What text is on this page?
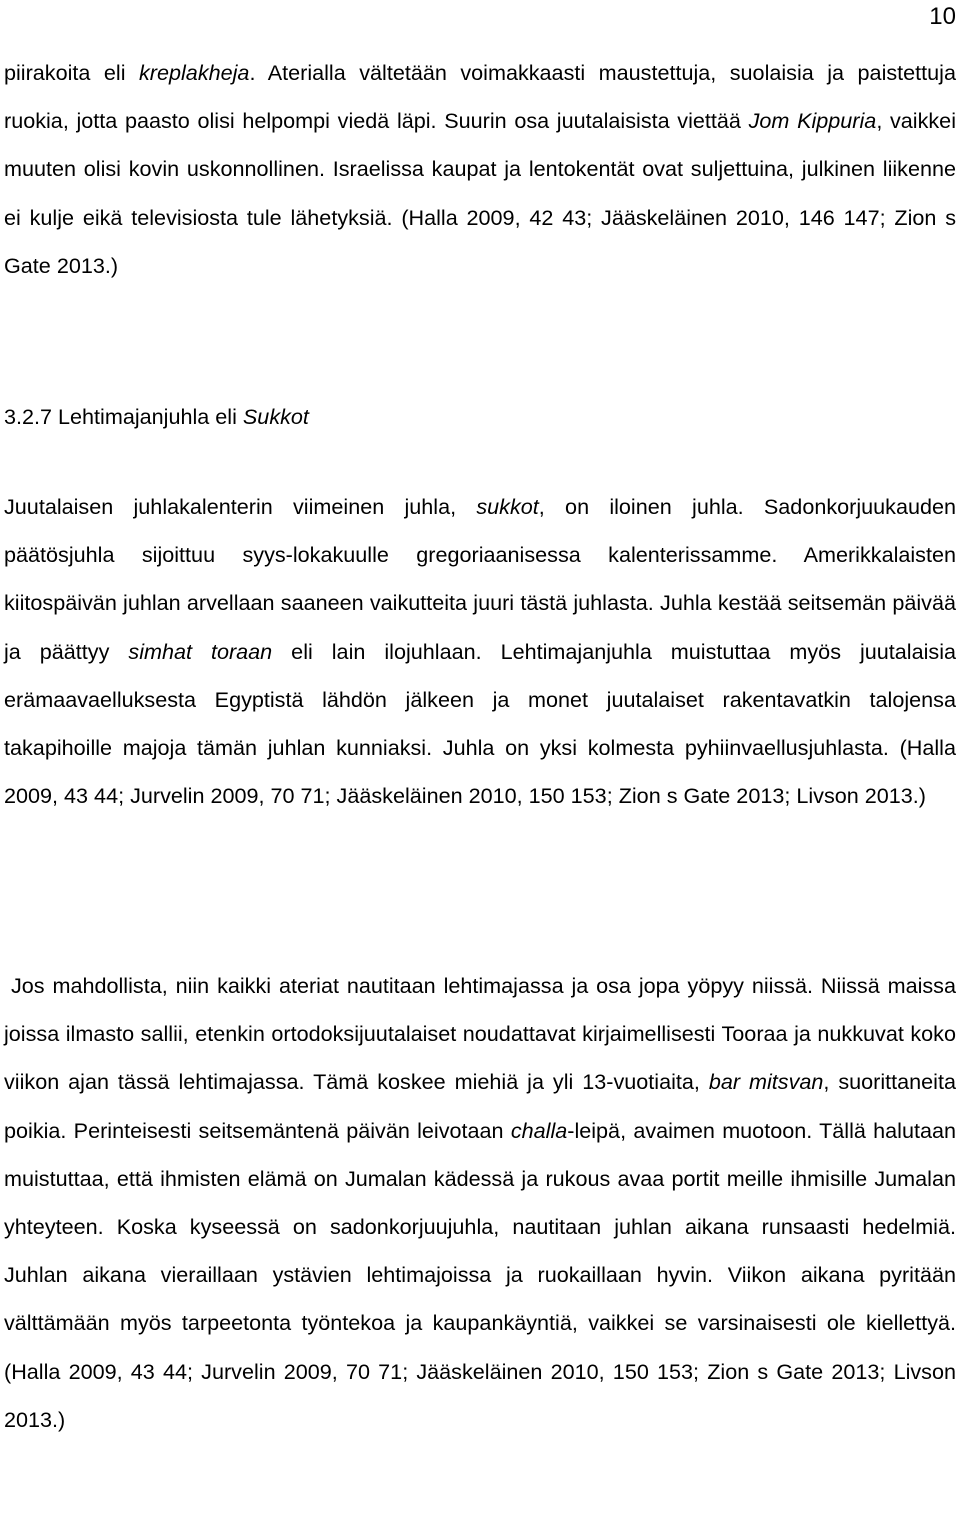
10

piirakoita eli kreplakheja. Aterialla vältetään voimakkaasti maustettuja, suolaisia ja paistettuja ruokia, jotta paasto olisi helpompi viedä läpi. Suurin osa juutalaisista viettää Jom Kippuria, vaikkei muuten olisi kovin uskonnollinen. Israelissa kaupat ja lentokentät ovat suljettuina, julkinen liikenne ei kulje eikä televisiosta tule lähetyksiä. (Halla 2009, 42 43; Jääskeläinen 2010, 146 147; Zion s Gate 2013.)

3.2.7 Lehtimajanjuhla eli Sukkot

Juutalaisen juhlakalenterin viimeinen juhla, sukkot, on iloinen juhla. Sadonkorjuukauden päätösjuhla sijoittuu syys-lokakuulle gregoriaanisessa kalenterissamme. Amerikkalaisten kiitospäivän juhlan arvellaan saaneen vaikutteita juuri tästä juhlasta. Juhla kestää seitsemän päivää ja päättyy simhat toraan eli lain ilojuhlaan. Lehtimajanjuhla muistuttaa myös juutalaisia erämaavaelluksesta Egyptistä lähdön jälkeen ja monet juutalaiset rakentavatkin talojensa takapihoille majoja tämän juhlan kunniaksi. Juhla on yksi kolmesta pyhiinvaellusjuhlasta. (Halla 2009, 43 44; Jurvelin 2009, 70 71; Jääskeläinen 2010, 150 153; Zion s Gate 2013; Livson 2013.)

Jos mahdollista, niin kaikki ateriat nautitaan lehtimajassa ja osa jopa yöpyy niissä. Niissä maissa joissa ilmasto sallii, etenkin ortodoksijuutalaiset noudattavat kirjaimellisesti Tooraa ja nukkuvat koko viikon ajan tässä lehtimajassa. Tämä koskee miehiä ja yli 13-vuotiaita, bar mitsvan, suorittaneita poikia. Perinteisesti seitsemäntenä päivän leivotaan challa-leipä, avaimen muotoon. Tällä halutaan muistuttaa, että ihmisten elämä on Jumalan kädessä ja rukous avaa portit meille ihmisille Jumalan yhteyteen. Koska kyseessä on sadonkorjuujuhla, nautitaan juhlan aikana runsaasti hedelmiä. Juhlan aikana vieraillaan ystävien lehtimajoissa ja ruokaillaan hyvin. Viikon aikana pyritään välttämään myös tarpeetonta työntekoa ja kaupankäyntiä, vaikkei se varsinaisesti ole kiellettyä. (Halla 2009, 43 44; Jurvelin 2009, 70 71; Jääskeläinen 2010, 150 153; Zion s Gate 2013; Livson 2013.)
